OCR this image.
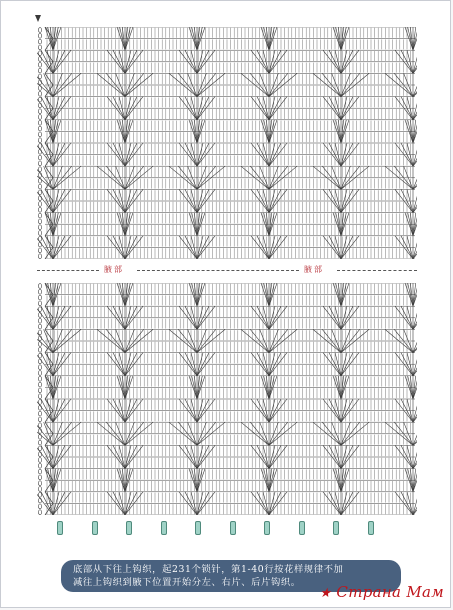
腋部	腋部

底部从下往上钩织，起231个锁针，第1-40行按花样规律不加

减往上钩织到腋下位置开始分左、右片、后片钩织。

★ Страна Мам
